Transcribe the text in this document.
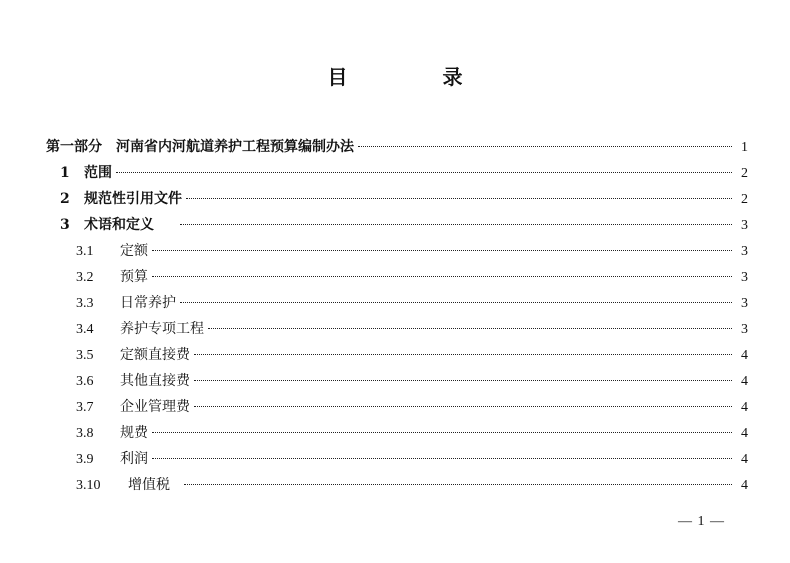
目 录
第一部分 河南省内河航道养护工程预算编制办法	1
1	范围	2
2	规范性引用文件	2
3	术语和定义	3
3.1	定额	3
3.2	预算	3
3.3	日常养护	3
3.4	养护专项工程	3
3.5	定额直接费	4
3.6	其他直接费	4
3.7	企业管理费	4
3.8	规费	4
3.9	利润	4
3.10	增值税	4
— 1 —
